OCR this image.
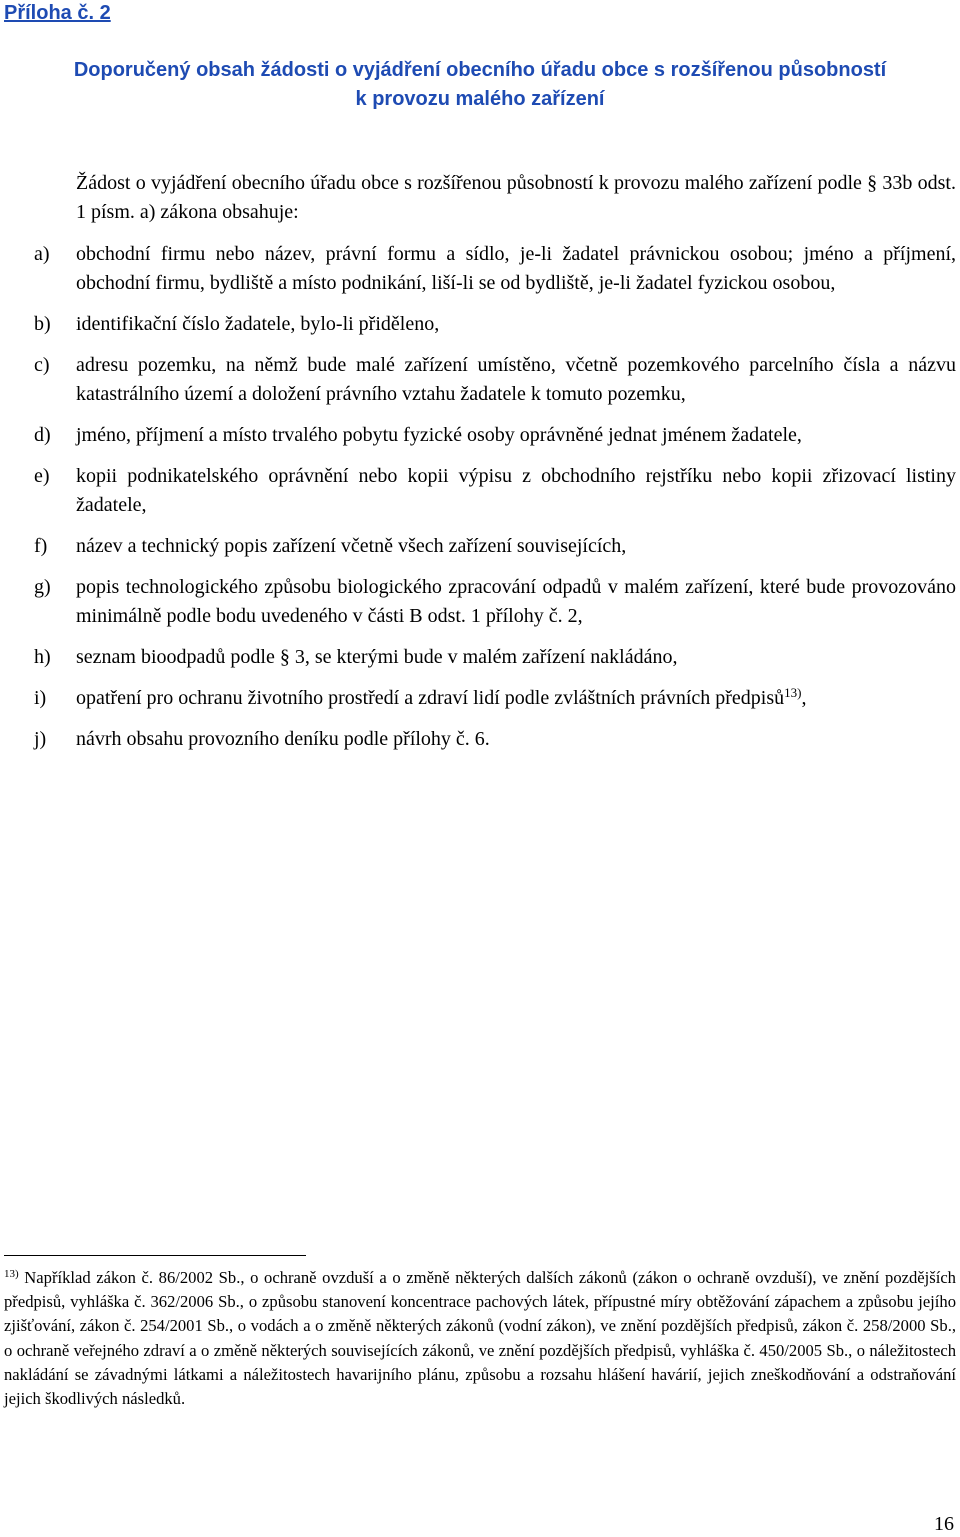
Příloha č. 2
Doporučený obsah žádosti o vyjádření obecního úřadu obce s rozšířenou působností
k provozu malého zařízení
Žádost o vyjádření obecního úřadu obce s rozšířenou působností k provozu malého zařízení podle § 33b odst. 1 písm. a) zákona obsahuje:
a) obchodní firmu nebo název, právní formu a sídlo, je-li žadatel právnickou osobou; jméno a příjmení, obchodní firmu, bydliště a místo podnikání, liší-li se od bydliště, je-li žadatel fyzickou osobou,
b) identifikační číslo žadatele, bylo-li přiděleno,
c) adresu pozemku, na němž bude malé zařízení umístěno, včetně pozemkového parcelního čísla a názvu katastrálního území a doložení právního vztahu žadatele k tomuto pozemku,
d) jméno, příjmení a místo trvalého pobytu fyzické osoby oprávněné jednat jménem žadatele,
e) kopii podnikatelského oprávnění nebo kopii výpisu z obchodního rejstříku nebo kopii zřizovací listiny žadatele,
f) název a technický popis zařízení včetně všech zařízení souvisejících,
g) popis technologického způsobu biologického zpracování odpadů v malém zařízení, které bude provozováno minimálně podle bodu uvedeného v části B odst. 1 přílohy č. 2,
h) seznam bioodpadů podle § 3, se kterými bude v malém zařízení nakládáno,
i) opatření pro ochranu životního prostředí a zdraví lidí podle zvláštních právních předpisů$^{13)}$,
j) návrh obsahu provozního deníku podle přílohy č. 6.
$^{13)}$ Například zákon č. 86/2002 Sb., o ochraně ovzduší a o změně některých dalších zákonů (zákon o ochraně ovzduší), ve znění pozdějších předpisů, vyhláška č. 362/2006 Sb., o způsobu stanovení koncentrace pachových látek, přípustné míry obtěžování zápachem a způsobu jejího zjišťování, zákon č. 254/2001 Sb., o vodách a o změně některých zákonů (vodní zákon), ve znění pozdějších předpisů, zákon č. 258/2000 Sb., o ochraně veřejného zdraví a o změně některých souvisejících zákonů, ve znění pozdějších předpisů, vyhláška č. 450/2005 Sb., o náležitostech nakládání se závadnými látkami a náležitostech havarijního plánu, způsobu a rozsahu hlášení havárií, jejich zneškodňování a odstraňování jejich škodlivých následků.
16
